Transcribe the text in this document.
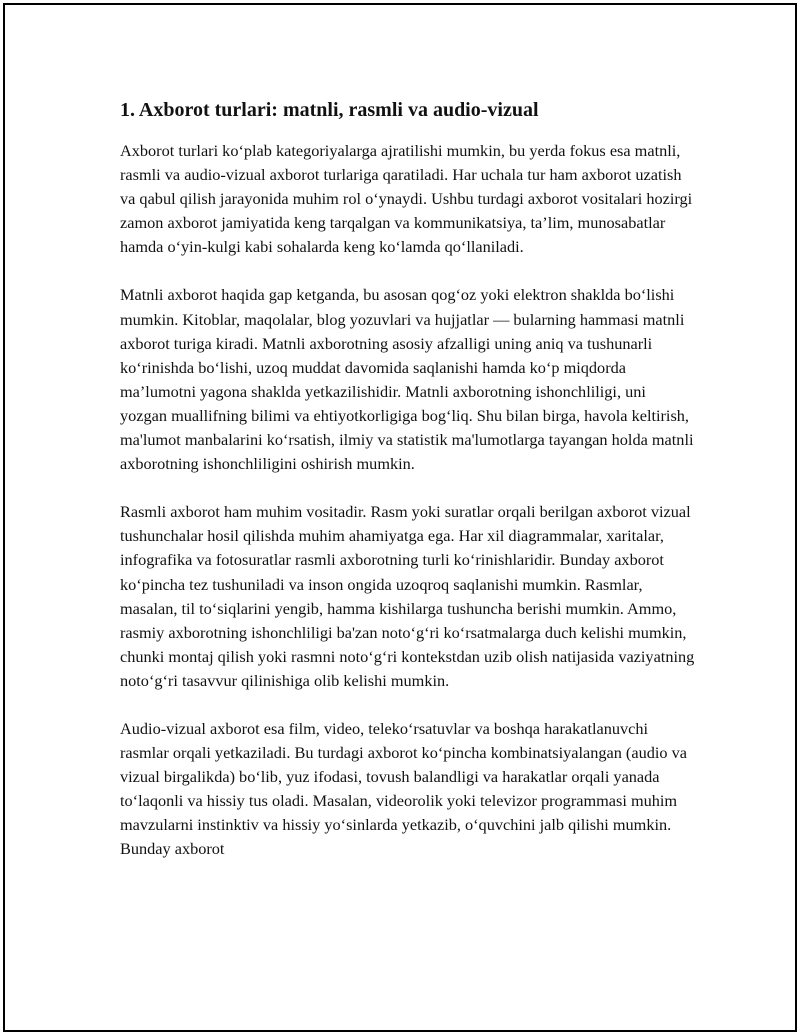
1. Axborot turlari: matnli, rasmli va audio-vizual

Axborot turlari ko‘plab kategoriyalarga ajratilishi mumkin, bu yerda fokus esa matnli, rasmli va audio-vizual axborot turlariga qaratiladi. Har uchala tur ham axborot uzatish va qabul qilish jarayonida muhim rol o‘ynaydi. Ushbu turdagi axborot vositalari hozirgi zamon axborot jamiyatida keng tarqalgan va kommunikatsiya, ta’lim, munosabatlar hamda o‘yin-kulgi kabi sohalarda keng ko‘lamda qo‘llaniladi.

Matnli axborot haqida gap ketganda, bu asosan qog‘oz yoki elektron shaklda bo‘lishi mumkin. Kitoblar, maqolalar, blog yozuvlari va hujjatlar — bularning hammasi matnli axborot turiga kiradi. Matnli axborotning asosiy afzalligi uning aniq va tushunarli ko‘rinishda bo‘lishi, uzoq muddat davomida saqlanishi hamda ko‘p miqdorda ma’lumotni yagona shaklda yetkazilishidir. Matnli axborotning ishonchliligi, uni yozgan muallifning bilimi va ehtiyotkorligiga bog‘liq. Shu bilan birga, havola keltirish, ma'lumot manbalarini ko‘rsatish, ilmiy va statistik ma'lumotlarga tayangan holda matnli axborotning ishonchliligini oshirish mumkin.

Rasmli axborot ham muhim vositadir. Rasm yoki suratlar orqali berilgan axborot vizual tushunchalar hosil qilishda muhim ahamiyatga ega. Har xil diagrammalar, xaritalar, infografika va fotosuratlar rasmli axborotning turli ko‘rinishlaridir. Bunday axborot ko‘pincha tez tushuniladi va inson ongida uzoqroq saqlanishi mumkin. Rasmlar, masalan, til to‘siqlarini yengib, hamma kishilarga tushuncha berishi mumkin. Ammo, rasmiy axborotning ishonchliligi ba'zan noto‘g‘ri ko‘rsatmalarga duch kelishi mumkin, chunki montaj qilish yoki rasmni noto‘g‘ri kontekstdan uzib olish natijasida vaziyatning noto‘g‘ri tasavvur qilinishiga olib kelishi mumkin.

Audio-vizual axborot esa film, video, teleko‘rsatuvlar va boshqa harakatlanuvchi rasmlar orqali yetkaziladi. Bu turdagi axborot ko‘pincha kombinatsiyalangan (audio va vizual birgalikda) bo‘lib, yuz ifodasi, tovush balandligi va harakatlar orqali yanada to‘laqonli va hissiy tus oladi. Masalan, videorolik yoki televizor programmasi muhim mavzularni instinktiv va hissiy yo‘sinlarda yetkazib, o‘quvchini jalb qilishi mumkin. Bunday axborot
